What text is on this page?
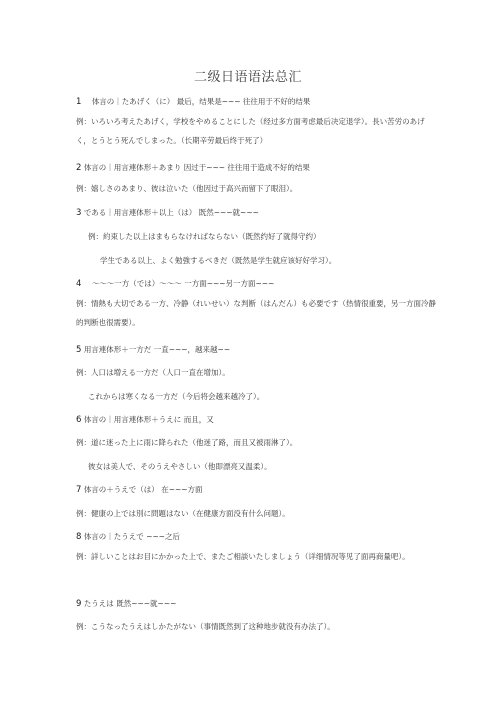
二级日语语法总汇
1 体言の｜たあげく（に） 最后，结果是~~~ 往往用于不好的结果
例：いろいろ考えたあげく，学校をやめることにした（经过多方面考虑最后决定退学）。長い苦労のあげく，とうとう死んでしまった。（长期辛劳最后终于死了）
2 体言の｜用言連体形＋あまり 因过于~~~ 往往用于造成不好的结果
例：嬉しさのあまり、彼は泣いた（他因过于高兴而留下了眼泪）。
3 である｜用言連体形＋以上（は） 既然~~~就~~~
例：約束した以上はまもらなければならない（既然约好了就得守约）
学生である以上、よく勉強するべきだ（既然是学生就应该好好学习）。
4 ～～～一方（では）～～～ 一方面~~~另一方面~~~
例：情熱も大切である一方、冷静（れいせい）な判断（はんだん）も必要です（热情很重要，另一方面冷静的判断也很需要）。
5 用言連体形＋一方だ 一直~~~，越来越~~
例：人口は増える一方だ（人口一直在增加）。
これからは寒くなる一方だ（今后将会越来越冷了）。
6 体言の｜用言連体形＋うえに 而且，又
例：道に迷った上に雨に降られた（他迷了路，而且又被雨淋了）。
彼女は美人で、そのうえやさしい（他即漂亮又温柔）。
7 体言の＋うえで（は） 在~~~方面
例：健康の上では別に問題はない（在健康方面没有什么问题）。
8 体言の｜たうえで ~~~之后
例：詳しいことはお目にかかった上で、またご相談いたしましょう（详细情况等见了面再商量吧）。
9 たうえは 既然~~~就~~~
例：こうなったうえはしかたがない（事情既然到了这种地步就没有办法了）。
